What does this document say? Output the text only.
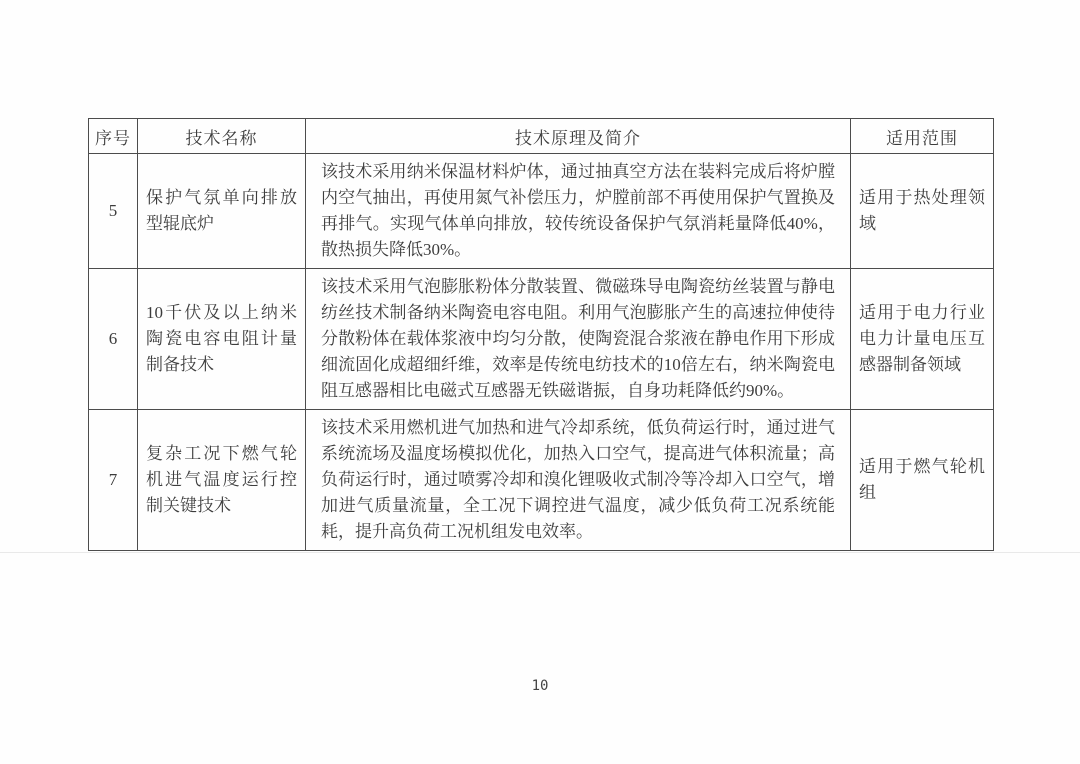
序号	技术名称	技术原理及简介	适用范围
5	保护气氛单向排放型辊底炉	该技术采用纳米保温材料炉体，通过抽真空方法在装料完成后将炉膛内空气抽出，再使用氮气补偿压力，炉膛前部不再使用保护气置换及再排气。实现气体单向排放，较传统设备保护气氛消耗量降低40%，散热损失降低30%。	适用于热处理领域
6	10千伏及以上纳米陶瓷电容电阻计量制备技术	该技术采用气泡膨胀粉体分散装置、微磁珠导电陶瓷纺丝装置与静电纺丝技术制备纳米陶瓷电容电阻。利用气泡膨胀产生的高速拉伸使待分散粉体在载体浆液中均匀分散，使陶瓷混合浆液在静电作用下形成细流固化成超细纤维，效率是传统电纺技术的10倍左右，纳米陶瓷电阻互感器相比电磁式互感器无铁磁谐振，自身功耗降低约90%。	适用于电力行业电力计量电压互感器制备领域
7	复杂工况下燃气轮机进气温度运行控制关键技术	该技术采用燃机进气加热和进气冷却系统，低负荷运行时，通过进气系统流场及温度场模拟优化，加热入口空气，提高进气体积流量；高负荷运行时，通过喷雾冷却和溴化锂吸收式制冷等冷却入口空气，增加进气质量流量，全工况下调控进气温度，减少低负荷工况系统能耗，提升高负荷工况机组发电效率。	适用于燃气轮机组
10
